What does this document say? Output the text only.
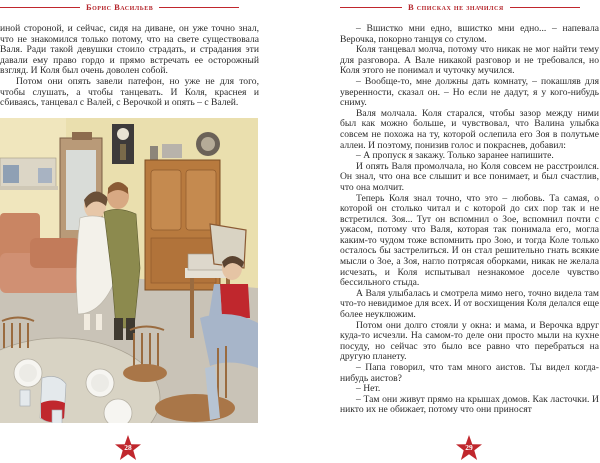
Борис Васильев

иной стороной, и сейчас, сидя на диване, он уже точно знал, что не знакомился только потому, что на свете существовала Валя. Ради такой девушки стоило страдать, и страдания эти давали ему право гордо и прямо встречать ее осторожный взгляд. И Коля был очень доволен собой.

Потом они опять завели патефон, но уже не для того, чтобы слушать, а чтобы танцевать. И Коля, краснея и сбиваясь, танцевал с Валей, с Верочкой и опять – с Валей.

28
В списках не значился

– Вшистко мни едно, вшистко мни едно... – напевала Верочка, покорно танцуя со стулом.

Коля танцевал молча, потому что никак не мог найти тему для разговора. А Вале никакой разговор и не требовался, но Коля этого не понимал и чуточку мучился.

– Вообще-то, мне должны дать комнату, – покашляв для уверенности, сказал он. – Но если не дадут, я у кого-нибудь сниму.

Валя молчала. Коля старался, чтобы зазор между ними был как можно больше, и чувствовал, что Валина улыбка совсем не похожа на ту, которой ослепила его Зоя в полутьме аллеи. И поэтому, понизив голос и покраснев, добавил:

– А пропуск я закажу. Только заранее напишите.

И опять Валя промолчала, но Коля совсем не расстроился. Он знал, что она все слышит и все понимает, и был счастлив, что она молчит.

Теперь Коля знал точно, что это – любовь. Та самая, о которой он столько читал и с которой до сих пор так и не встретился. Зоя... Тут он вспомнил о Зое, вспомнил почти с ужасом, потому что Валя, которая так понимала его, могла каким-то чудом тоже вспомнить про Зою, и тогда Коле только осталось бы застрелиться. И он стал решительно гнать всякие мысли о Зое, а Зоя, нагло потрясая оборками, никак не желала исчезать, и Коля испытывал незнакомое доселе чувство бессильного стыда.

А Валя улыбалась и смотрела мимо него, точно видела там что-то невидимое для всех. И от восхищения Коля делался еще более неуклюжим.

Потом они долго стояли у окна: и мама, и Верочка вдруг куда-то исчезли. На самом-то деле они просто мыли на кухне посуду, но сейчас это было все равно что перебраться на другую планету.

– Папа говорил, что там много аистов. Ты видел когда-нибудь аистов?

– Нет.

– Там они живут прямо на крышах домов. Как ласточки. И никто их не обижает, потому что они приносят

29
